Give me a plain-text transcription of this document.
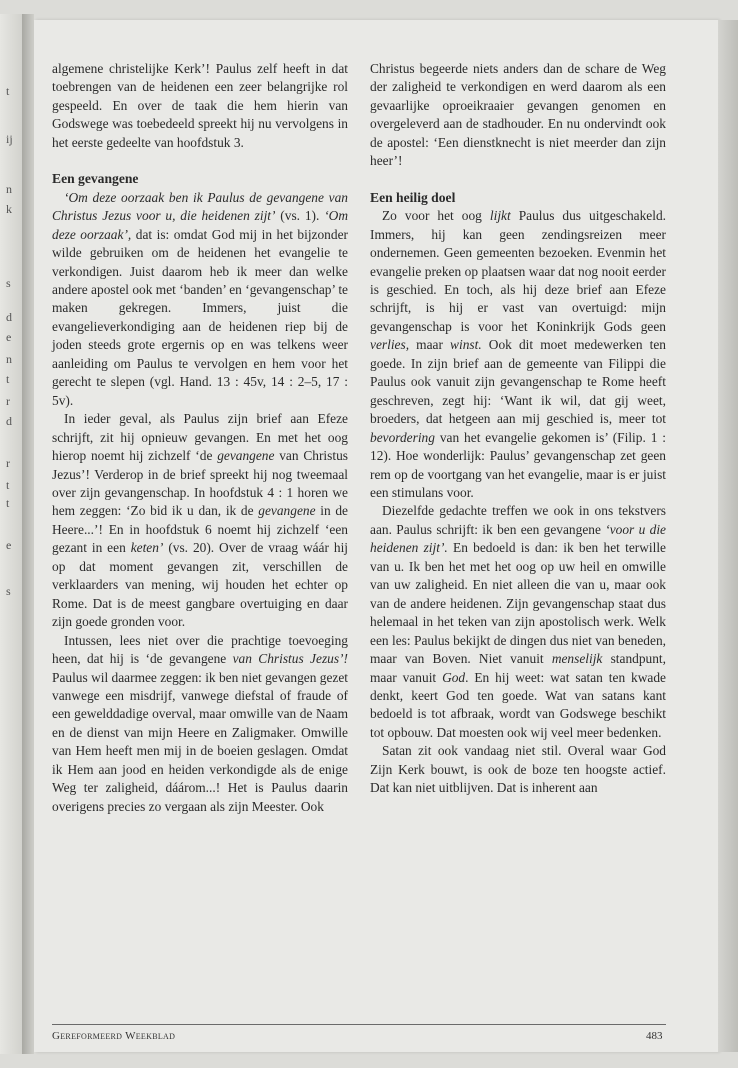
t
ij
n
k
s
d
e
n
t
r
d
r
t
t
e
s

algemene christelijke Kerk’! Paulus zelf heeft in dat toebrengen van de heidenen een zeer belangrijke rol gespeeld. En over de taak die hem hierin van Godswege was toebedeeld spreekt hij nu vervolgens in het eerste gedeelte van hoofdstuk 3.

Een gevangene

‘Om deze oorzaak ben ik Paulus de gevangene van Christus Jezus voor u, die heidenen zijt’ (vs. 1). ‘Om deze oorzaak’, dat is: omdat God mij in het bijzonder wilde gebruiken om de heidenen het evangelie te verkondigen. Juist daarom heb ik meer dan welke andere apostel ook met ‘banden’ en ‘gevangenschap’ te maken gekregen. Immers, juist die evangelieverkondiging aan de heidenen riep bij de joden steeds grote ergernis op en was telkens weer aanleiding om Paulus te vervolgen en hem voor het gerecht te slepen (vgl. Hand. 13 : 45v, 14 : 2–5, 17 : 5v).

In ieder geval, als Paulus zijn brief aan Efeze schrijft, zit hij opnieuw gevangen. En met het oog hierop noemt hij zichzelf ‘de gevangene van Christus Jezus’! Verderop in de brief spreekt hij nog tweemaal over zijn gevangenschap. In hoofdstuk 4 : 1 horen we hem zeggen: ‘Zo bid ik u dan, ik de gevangene in de Heere...’! En in hoofdstuk 6 noemt hij zichzelf ‘een gezant in een keten’ (vs. 20). Over de vraag wáár hij op dat moment gevangen zit, verschillen de verklaarders van mening, wij houden het echter op Rome. Dat is de meest gangbare overtuiging en daar zijn goede gronden voor.

Intussen, lees niet over die prachtige toevoeging heen, dat hij is ‘de gevangene van Christus Jezus’! Paulus wil daarmee zeggen: ik ben niet gevangen gezet vanwege een misdrijf, vanwege diefstal of fraude of een gewelddadige overval, maar omwille van de Naam en de dienst van mijn Heere en Zaligmaker. Omwille van Hem heeft men mij in de boeien geslagen. Omdat ik Hem aan jood en heiden verkondigde als de enige Weg ter zaligheid, dáárom...! Het is Paulus daarin overigens precies zo vergaan als zijn Meester. Ook

Christus begeerde niets anders dan de schare de Weg der zaligheid te verkondigen en werd daarom als een gevaarlijke oproeikraaier gevangen genomen en overgeleverd aan de stadhouder. En nu ondervindt ook de apostel: ‘Een dienstknecht is niet meerder dan zijn heer’!

Een heilig doel

Zo voor het oog lijkt Paulus dus uitgeschakeld. Immers, hij kan geen zendingsreizen meer ondernemen. Geen gemeenten bezoeken. Evenmin het evangelie preken op plaatsen waar dat nog nooit eerder is geschied. En toch, als hij deze brief aan Efeze schrijft, is hij er vast van overtuigd: mijn gevangenschap is voor het Koninkrijk Gods geen verlies, maar winst. Ook dit moet medewerken ten goede. In zijn brief aan de gemeente van Filippi die Paulus ook vanuit zijn gevangenschap te Rome heeft geschreven, zegt hij: ‘Want ik wil, dat gij weet, broeders, dat hetgeen aan mij geschied is, meer tot bevordering van het evangelie gekomen is’ (Filip. 1 : 12). Hoe wonderlijk: Paulus’ gevangenschap zet geen rem op de voortgang van het evangelie, maar is er juist een stimulans voor.

Diezelfde gedachte treffen we ook in ons tekstvers aan. Paulus schrijft: ik ben een gevangene ‘voor u die heidenen zijt’. En bedoeld is dan: ik ben het terwille van u. Ik ben het met het oog op uw heil en omwille van uw zaligheid. En niet alleen die van u, maar ook van de andere heidenen. Zijn gevangenschap staat dus helemaal in het teken van zijn apostolisch werk. Welk een les: Paulus bekijkt de dingen dus niet van beneden, maar van Boven. Niet vanuit menselijk standpunt, maar vanuit God. En hij weet: wat satan ten kwade denkt, keert God ten goede. Wat van satans kant bedoeld is tot afbraak, wordt van Godswege beschikt tot opbouw. Dat moesten ook wij veel meer bedenken.

Satan zit ook vandaag niet stil. Overal waar God Zijn Kerk bouwt, is ook de boze ten hoogste actief. Dat kan niet uitblijven. Dat is inherent aan

Gereformeerd Weekblad	483
